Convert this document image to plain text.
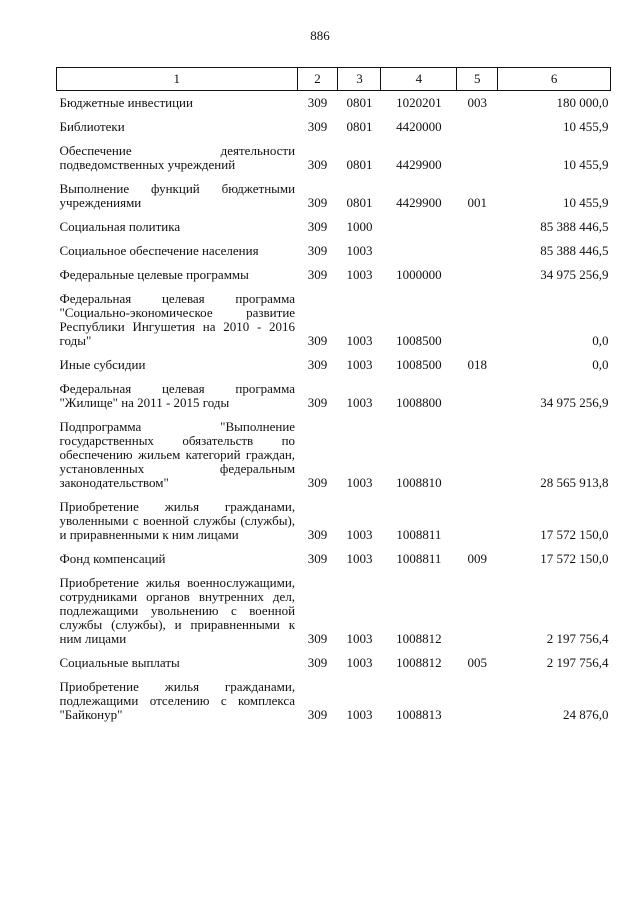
886
1	2	3	4	5	6
Бюджетные инвестиции	309	0801	1020201	003	180 000,0
Библиотеки	309	0801	4420000		10 455,9
Обеспечение деятельности подведомственных учреждений	309	0801	4429900		10 455,9
Выполнение функций бюджетными учреждениями	309	0801	4429900	001	10 455,9
Социальная политика	309	1000			85 388 446,5
Социальное обеспечение населения	309	1003			85 388 446,5
Федеральные целевые программы	309	1003	1000000		34 975 256,9
Федеральная целевая программа "Социально-экономическое развитие Республики Ингушетия на 2010 - 2016 годы"	309	1003	1008500		0,0
Иные субсидии	309	1003	1008500	018	0,0
Федеральная целевая программа "Жилище" на 2011 - 2015 годы	309	1003	1008800		34 975 256,9
Подпрограмма "Выполнение государственных обязательств по обеспечению жильем категорий граждан, установленных федеральным законодательством"	309	1003	1008810		28 565 913,8
Приобретение жилья гражданами, уволенными с военной службы (службы), и приравненными к ним лицами	309	1003	1008811		17 572 150,0
Фонд компенсаций	309	1003	1008811	009	17 572 150,0
Приобретение жилья военнослужащими, сотрудниками органов внутренних дел, подлежащими увольнению с военной службы (службы), и приравненными к ним лицами	309	1003	1008812		2 197 756,4
Социальные выплаты	309	1003	1008812	005	2 197 756,4
Приобретение жилья гражданами, подлежащими отселению с комплекса "Байконур"	309	1003	1008813		24 876,0
